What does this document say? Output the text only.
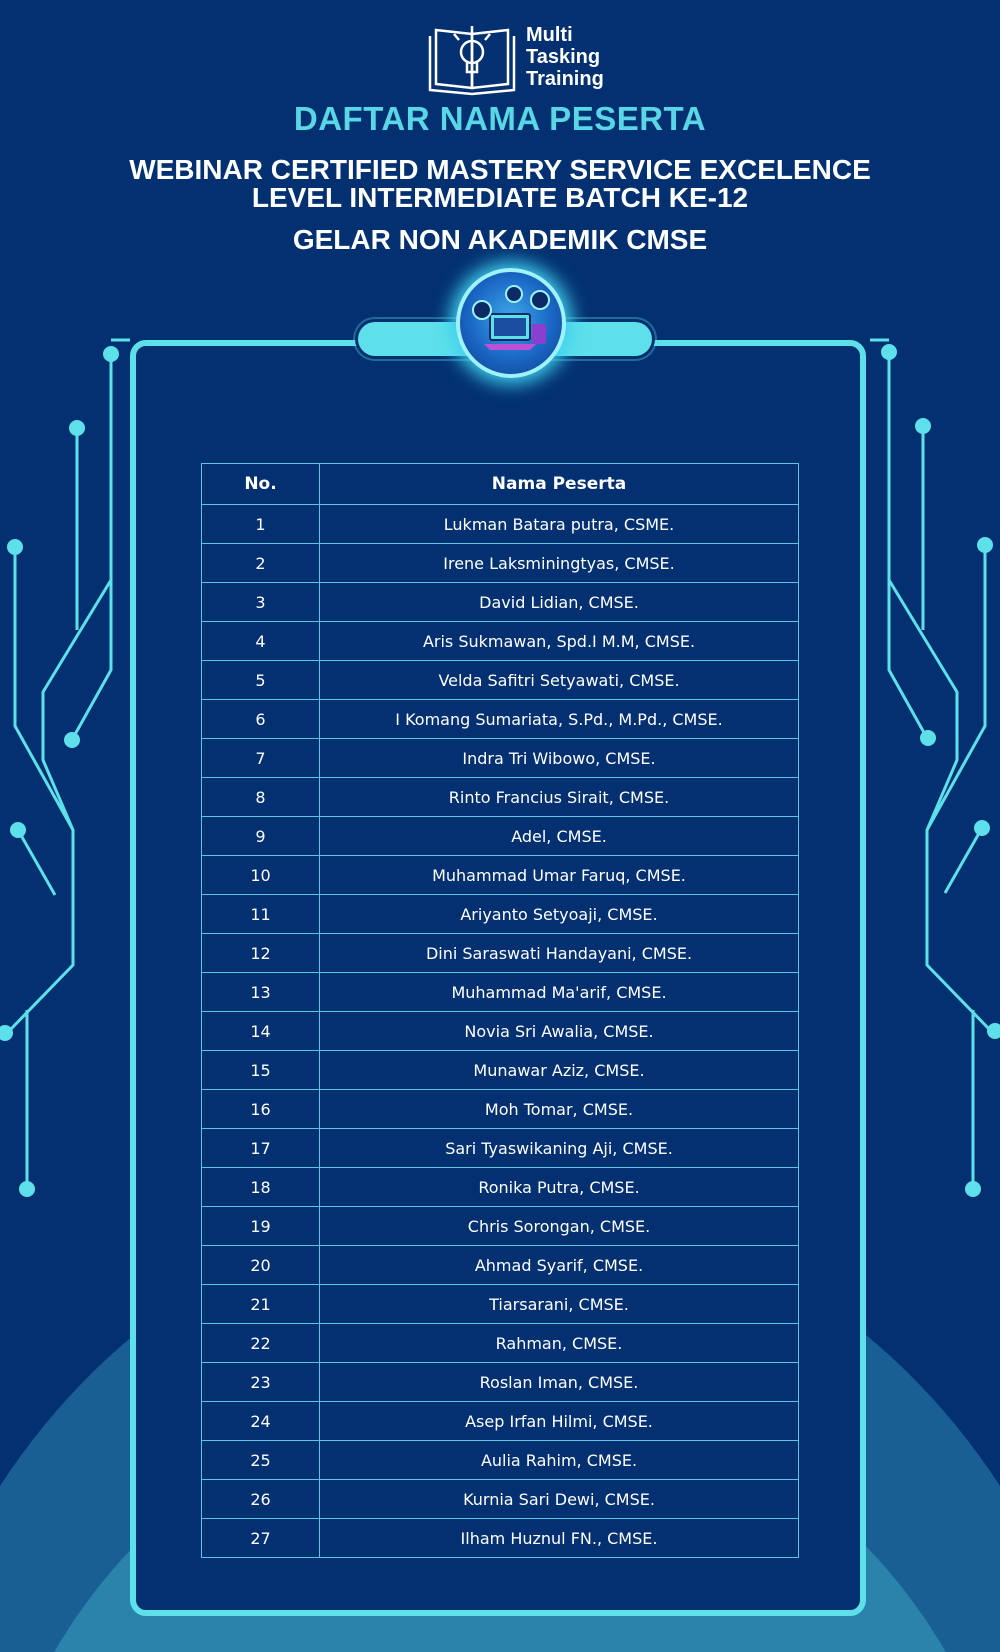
Multi
Tasking
Training
DAFTAR NAMA PESERTA
WEBINAR CERTIFIED MASTERY SERVICE EXCELENCE
LEVEL INTERMEDIATE BATCH KE-12
GELAR NON AKADEMIK CMSE
No.	Nama Peserta
1	Lukman Batara putra, CSME.
2	Irene Laksminingtyas, CMSE.
3	David Lidian, CMSE.
4	Aris Sukmawan, Spd.I M.M, CMSE.
5	Velda Safitri Setyawati, CMSE.
6	I Komang Sumariata, S.Pd., M.Pd., CMSE.
7	Indra Tri Wibowo, CMSE.
8	Rinto Francius Sirait, CMSE.
9	Adel, CMSE.
10	Muhammad Umar Faruq, CMSE.
11	Ariyanto Setyoaji, CMSE.
12	Dini Saraswati Handayani, CMSE.
13	Muhammad Ma'arif, CMSE.
14	Novia Sri Awalia, CMSE.
15	Munawar Aziz, CMSE.
16	Moh Tomar, CMSE.
17	Sari Tyaswikaning Aji, CMSE.
18	Ronika Putra, CMSE.
19	Chris Sorongan, CMSE.
20	Ahmad Syarif, CMSE.
21	Tiarsarani, CMSE.
22	Rahman, CMSE.
23	Roslan Iman, CMSE.
24	Asep Irfan Hilmi, CMSE.
25	Aulia Rahim, CMSE.
26	Kurnia Sari Dewi, CMSE.
27	Ilham Huznul FN., CMSE.
